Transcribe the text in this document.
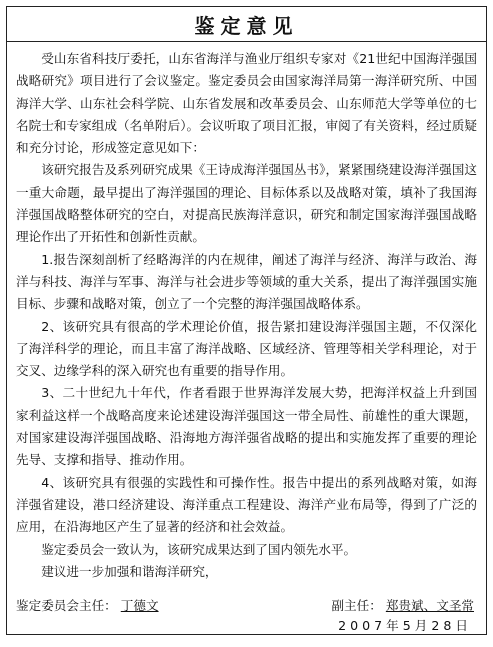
鉴定意见

受山东省科技厅委托，山东省海洋与渔业厅组织专家对《21世纪中国海洋强国战略研究》项目进行了会议鉴定。鉴定委员会由国家海洋局第一海洋研究所、中国海洋大学、山东社会科学院、山东省发展和改革委员会、山东师范大学等单位的七名院士和专家组成（名单附后）。会议听取了项目汇报，审阅了有关资料，经过质疑和充分讨论，形成签定意见如下：

该研究报告及系列研究成果《王诗成海洋强国丛书》，紧紧围绕建设海洋强国这一重大命题，最早提出了海洋强国的理论、目标体系以及战略对策，填补了我国海洋强国战略整体研究的空白，对提高民族海洋意识，研究和制定国家海洋强国战略理论作出了开拓性和创新性贡献。

1.报告深刻剖析了经略海洋的内在规律，阐述了海洋与经济、海洋与政治、海洋与科技、海洋与军事、海洋与社会进步等领域的重大关系，提出了海洋强国实施目标、步骤和战略对策，创立了一个完整的海洋强国战略体系。

2、该研究具有很高的学术理论价值，报告紧扣建设海洋强国主题，不仅深化了海洋科学的理论，而且丰富了海洋战略、区域经济、管理等相关学科理论，对于交叉、边缘学科的深入研究也有重要的指导作用。

3、二十世纪九十年代，作者看跟于世界海洋发展大势，把海洋权益上升到国家利益这样一个战略高度来论述建设海洋强国这一带全局性、前雄性的重大课题，对国家建设海洋强国战略、沿海地方海洋强省战略的提出和实施发挥了重要的理论先导、支撑和指导、推动作用。

4、该研究具有很强的实践性和可操作性。报告中提出的系列战略对策，如海洋强省建设，港口经济建设、海洋重点工程建设、海洋产业布局等，得到了广泛的应用，在沿海地区产生了显著的经济和社会效益。

鉴定委员会一致认为，该研究成果达到了国内领先水平。

建议进一步加强和谐海洋研究，

鉴定委员会主任： 丁德文	副主任： 郑贵斌、文圣常
2007年5月28日
